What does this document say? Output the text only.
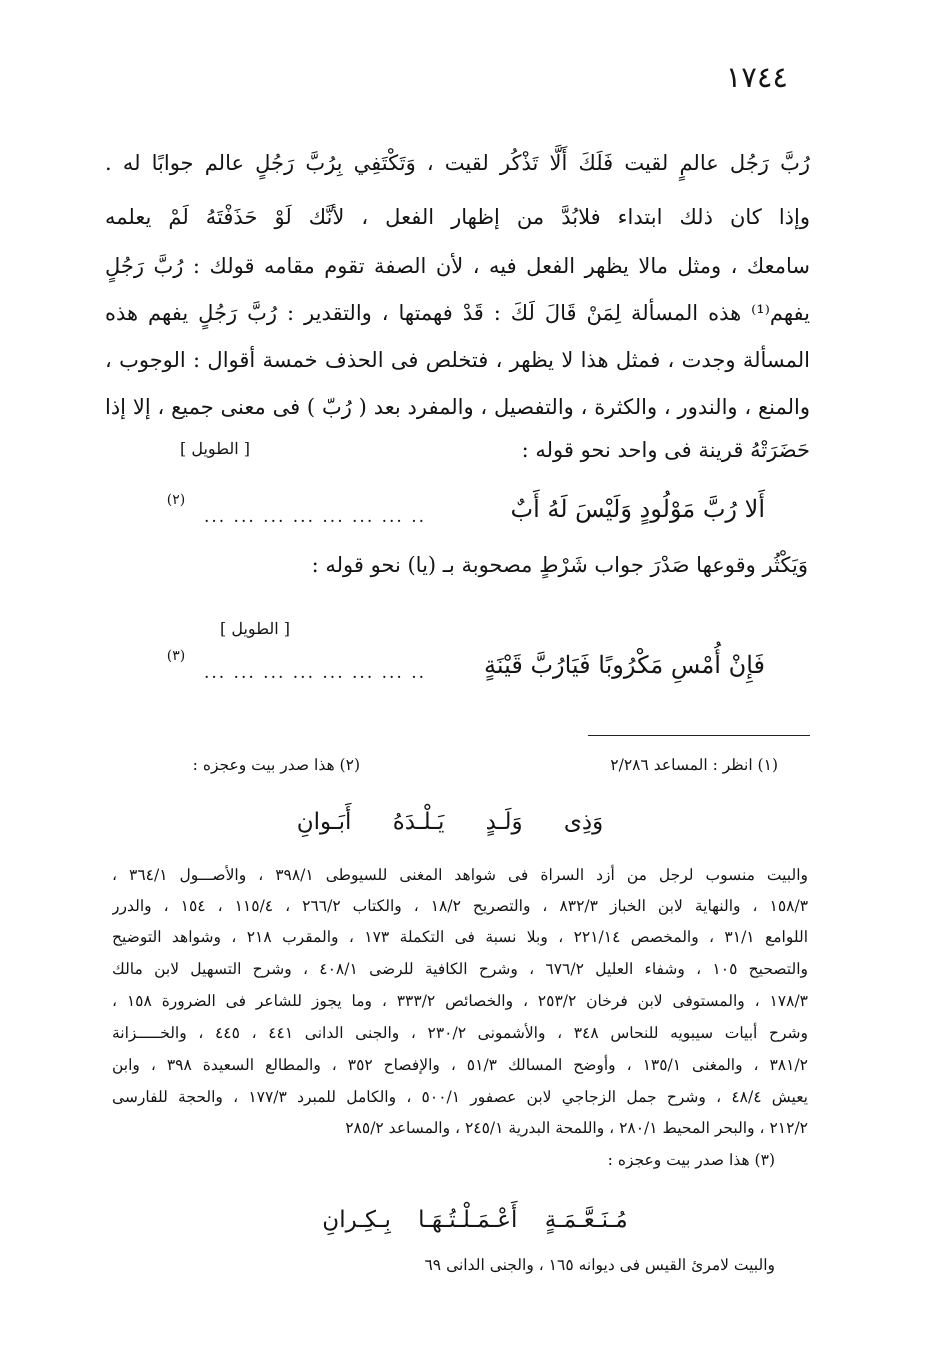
١٧٤٤
رُبَّ رَجُل عالمٍ لقيت فَلَكَ أَلَّا تَذْكُر لقيت ، وَتَكْتَفِي بِرُبَّ رَجُلٍ عالم جوابًا له .
وإذا كان ذلك ابتداء فلابُدَّ من إظهار الفعل ، لأنَّك لَوْ حَذَفْتَهُ لَمْ يعلمه
سامعك ، ومثل مالا يظهر الفعل فيه ، لأن الصفة تقوم مقامه قولك : رُبَّ رَجُلٍ
يفهم⁽¹⁾ هذه المسألة لِمَنْ قَالَ لَكَ : قَدْ فهمتها ، والتقدير : رُبَّ رَجُلٍ يفهم هذه
المسألة وجدت ، فمثل هذا لا يظهر ، فتخلص فى الحذف خمسة أقوال : الوجوب ،
والمنع ، والندور ، والكثرة ، والتفصيل ، والمفرد بعد ( رُبّ ) فى معنى جميع ، إلا إذا
حَضَرَتْهُ قرينة فى واحد نحو قوله :
[ الطويل ]
أَلا رُبَّ مَوْلُودٍ وَلَيْسَ لَهُ أَبٌ
... ... ... ... ... ... ... ..
(٢)
وَيَكْثُر وقوعها صَدْرَ جواب شَرْطٍ مصحوبة بـ (يا) نحو قوله :
[ الطويل ]
فَإِنْ أُمْسِ مَكْرُوبًا فَيَارُبَّ قَيْنَةٍ
... ... ... ... ... ... ... ..
(٣)
(١) انظر : المساعد ٢/٢٨٦
(٢) هذا صدر بيت وعجزه :
وَذِى وَلَـدٍ يَـلْـدَهُ أَبَـوانِ
والبيت منسوب لرجل من أزد السراة فى شواهد المغنى للسيوطى ٣٩٨/١ ، والأصـــول ٣٦٤/١ ،
١٥٨/٣ ، والنهاية لابن الخباز ٨٣٢/٣ ، والتصريح ١٨/٢ ، والكتاب ٢٦٦/٢ ، ١١٥/٤ ، ١٥٤ ، والدرر
اللوامع ٣١/١ ، والمخصص ٢٢١/١٤ ، وبلا نسبة فى التكملة ١٧٣ ، والمقرب ٢١٨ ، وشواهد التوضيح
والتصحيح ١٠٥ ، وشفاء العليل ٦٧٦/٢ ، وشرح الكافية للرضى ٤٠٨/١ ، وشرح التسهيل لابن مالك
١٧٨/٣ ، والمستوفى لابن فرخان ٢٥٣/٢ ، والخصائص ٣٣٣/٢ ، وما يجوز للشاعر فى الضرورة ١٥٨ ،
وشرح أبيات سيبويه للنحاس ٣٤٨ ، والأشمونى ٢٣٠/٢ ، والجنى الدانى ٤٤١ ، ٤٤٥ ، والخـــــزانة
٣٨١/٢ ، والمغنى ١٣٥/١ ، وأوضح المسالك ٥١/٣ ، والإفصاح ٣٥٢ ، والمطالع السعيدة ٣٩٨ ، وابن
يعيش ٤٨/٤ ، وشرح جمل الزجاجي لابن عصفور ٥٠٠/١ ، والكامل للمبرد ١٧٧/٣ ، والحجة للفارسى
٢١٢/٢ ، والبحر المحيط ٢٨٠/١ ، واللمحة البدرية ٢٤٥/١ ، والمساعد ٢٨٥/٢
(٣) هذا صدر بيت وعجزه :
مُـنَـعَّـمَـةٍ أَعْـمَـلْـتُـهَـا بِـكِـرانِ
والبيت لامرئ القيس فى ديوانه ١٦٥ ، والجنى الدانى ٦٩
